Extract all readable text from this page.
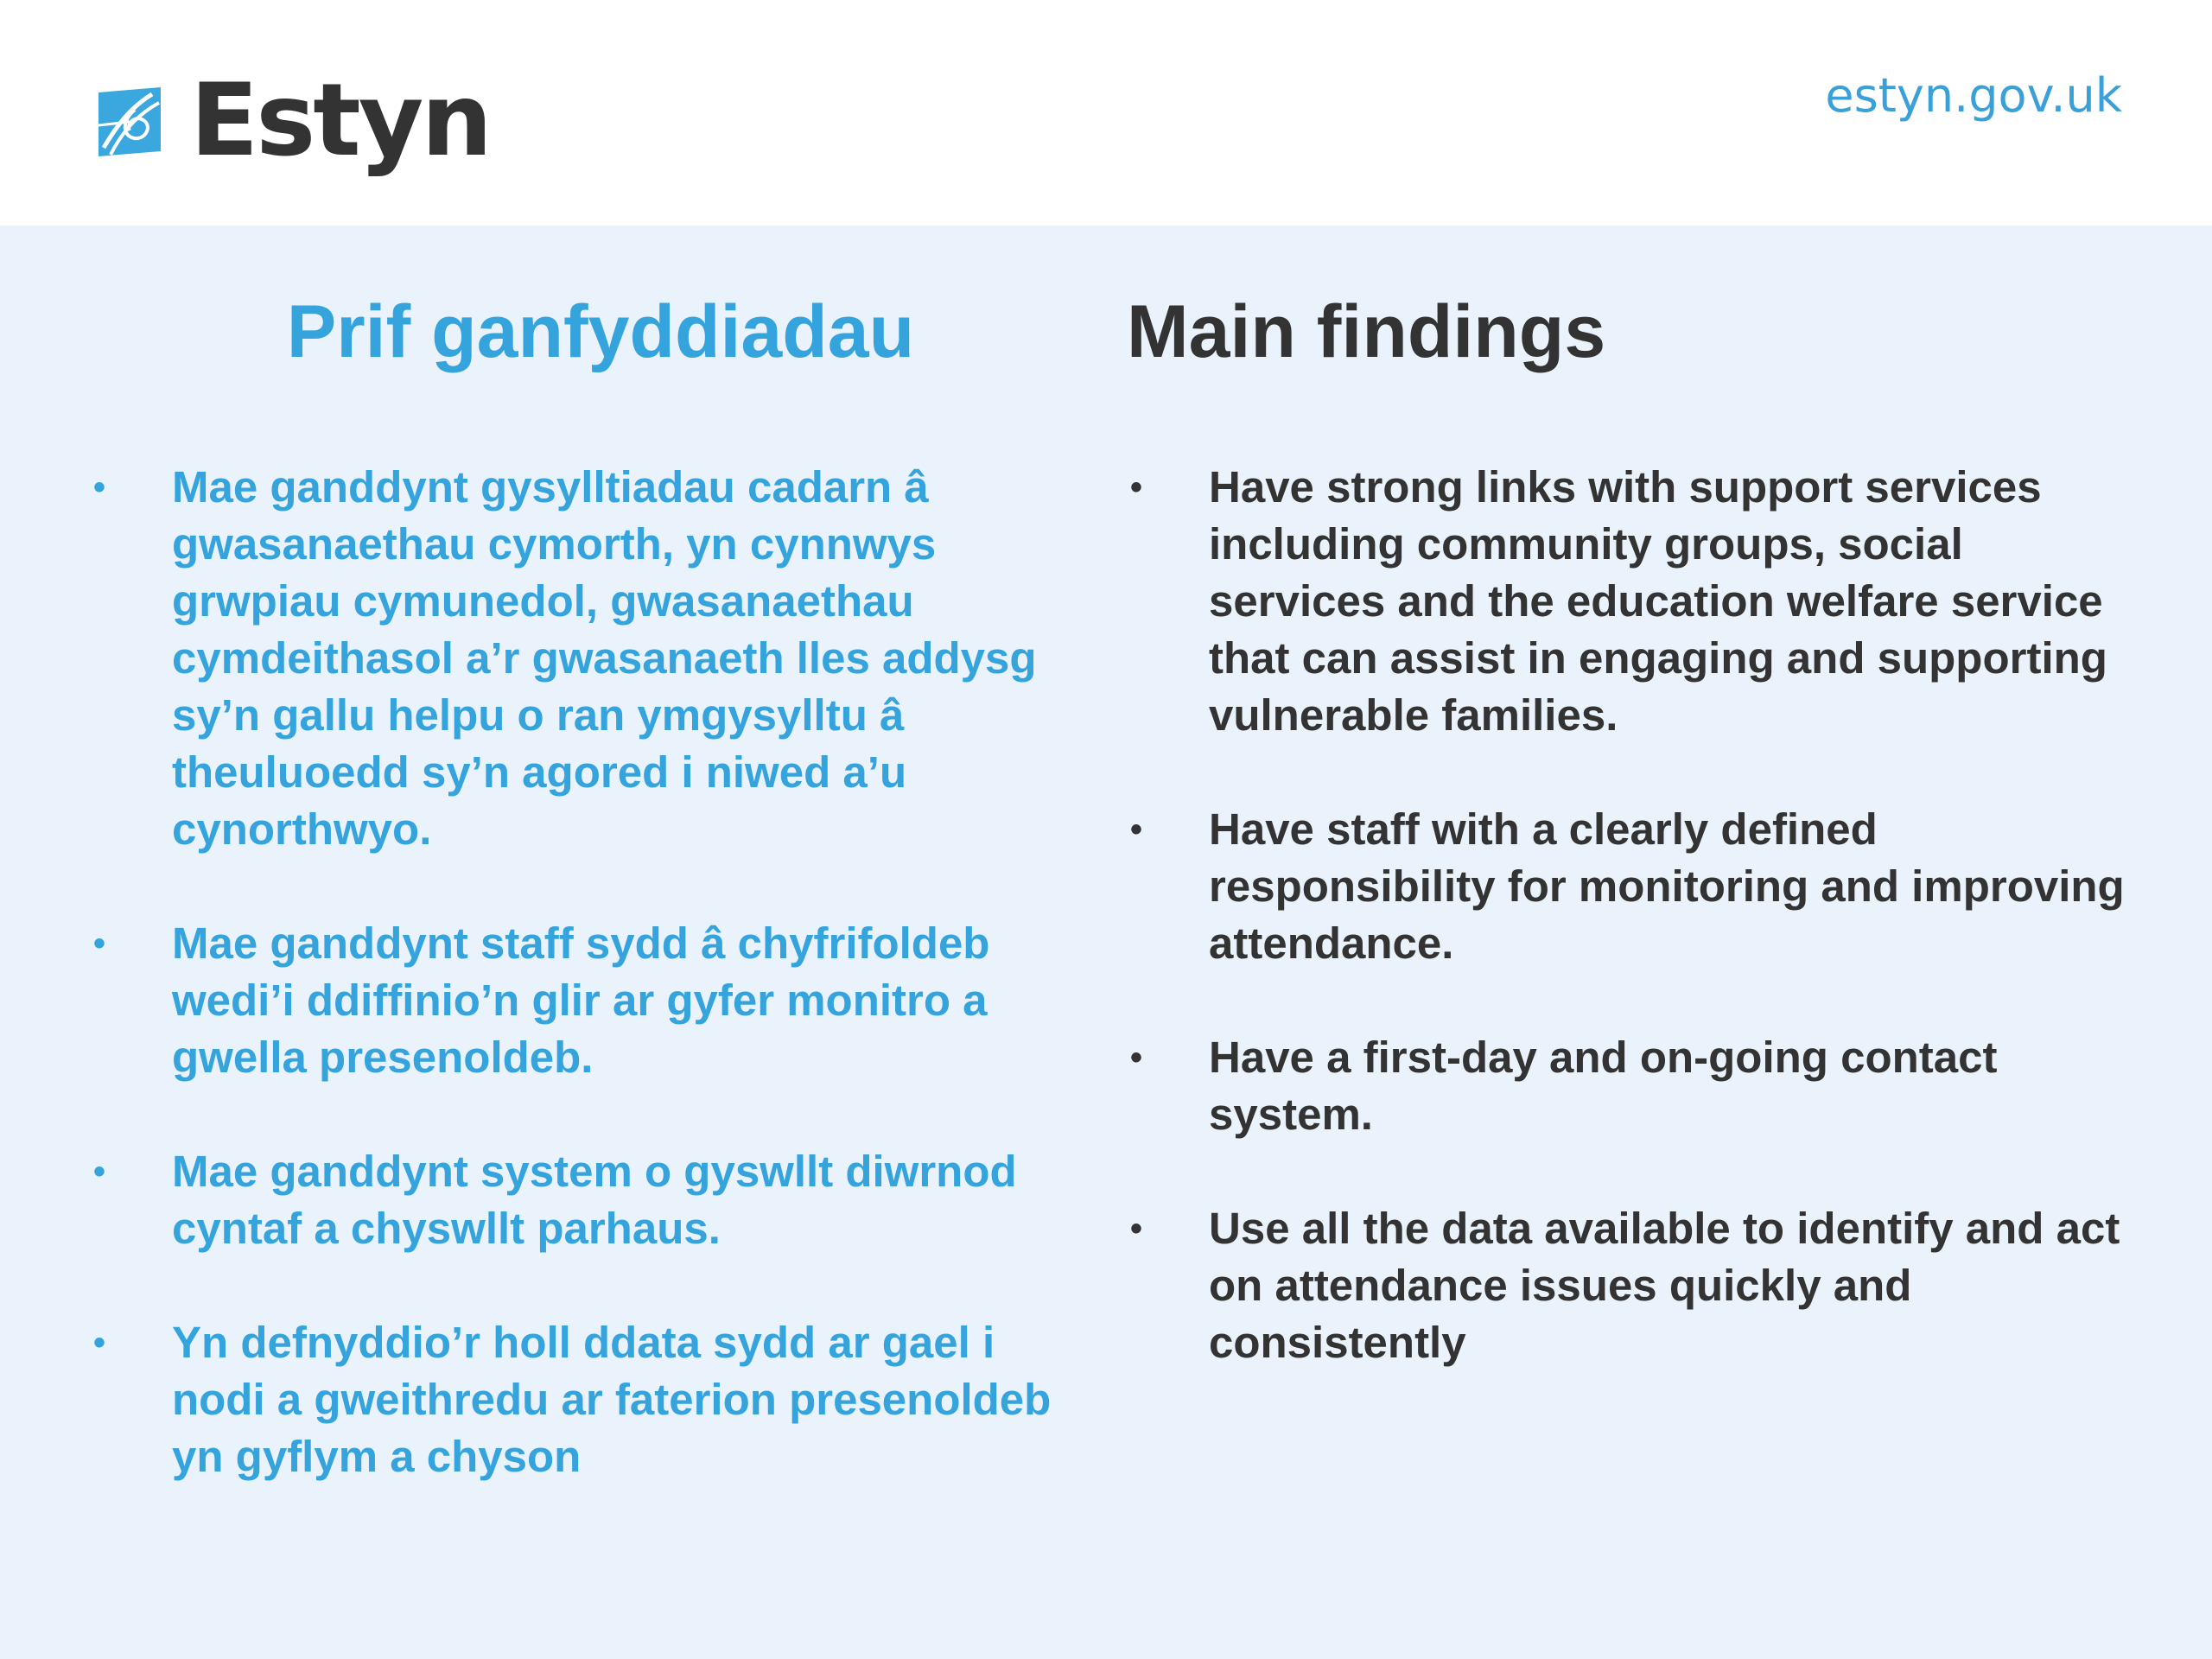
Estyn	estyn.gov.uk
Prif ganfyddiadau
• Mae ganddynt gysylltiadau cadarn â gwasanaethau cymorth, yn cynnwys grwpiau cymunedol, gwasanaethau cymdeithasol a’r gwasanaeth lles addysg sy’n gallu helpu o ran ymgysylltu â theuluoedd sy’n agored i niwed a’u cynorthwyo.
• Mae ganddynt staff sydd â chyfrifoldeb wedi’i ddiffinio’n glir ar gyfer monitro a gwella presenoldeb.
• Mae ganddynt system o gyswllt diwrnod cyntaf a chyswllt parhaus.
• Yn defnyddio’r holl ddata sydd ar gael i nodi a gweithredu ar faterion presenoldeb yn gyflym a chyson
Main findings
• Have strong links with support services including community groups, social services and the education welfare service that can assist in engaging and supporting vulnerable families.
• Have staff with a clearly defined responsibility for monitoring and improving attendance.
• Have a first-day and on-going contact system.
• Use all the data available to identify and act on attendance issues quickly and consistently
